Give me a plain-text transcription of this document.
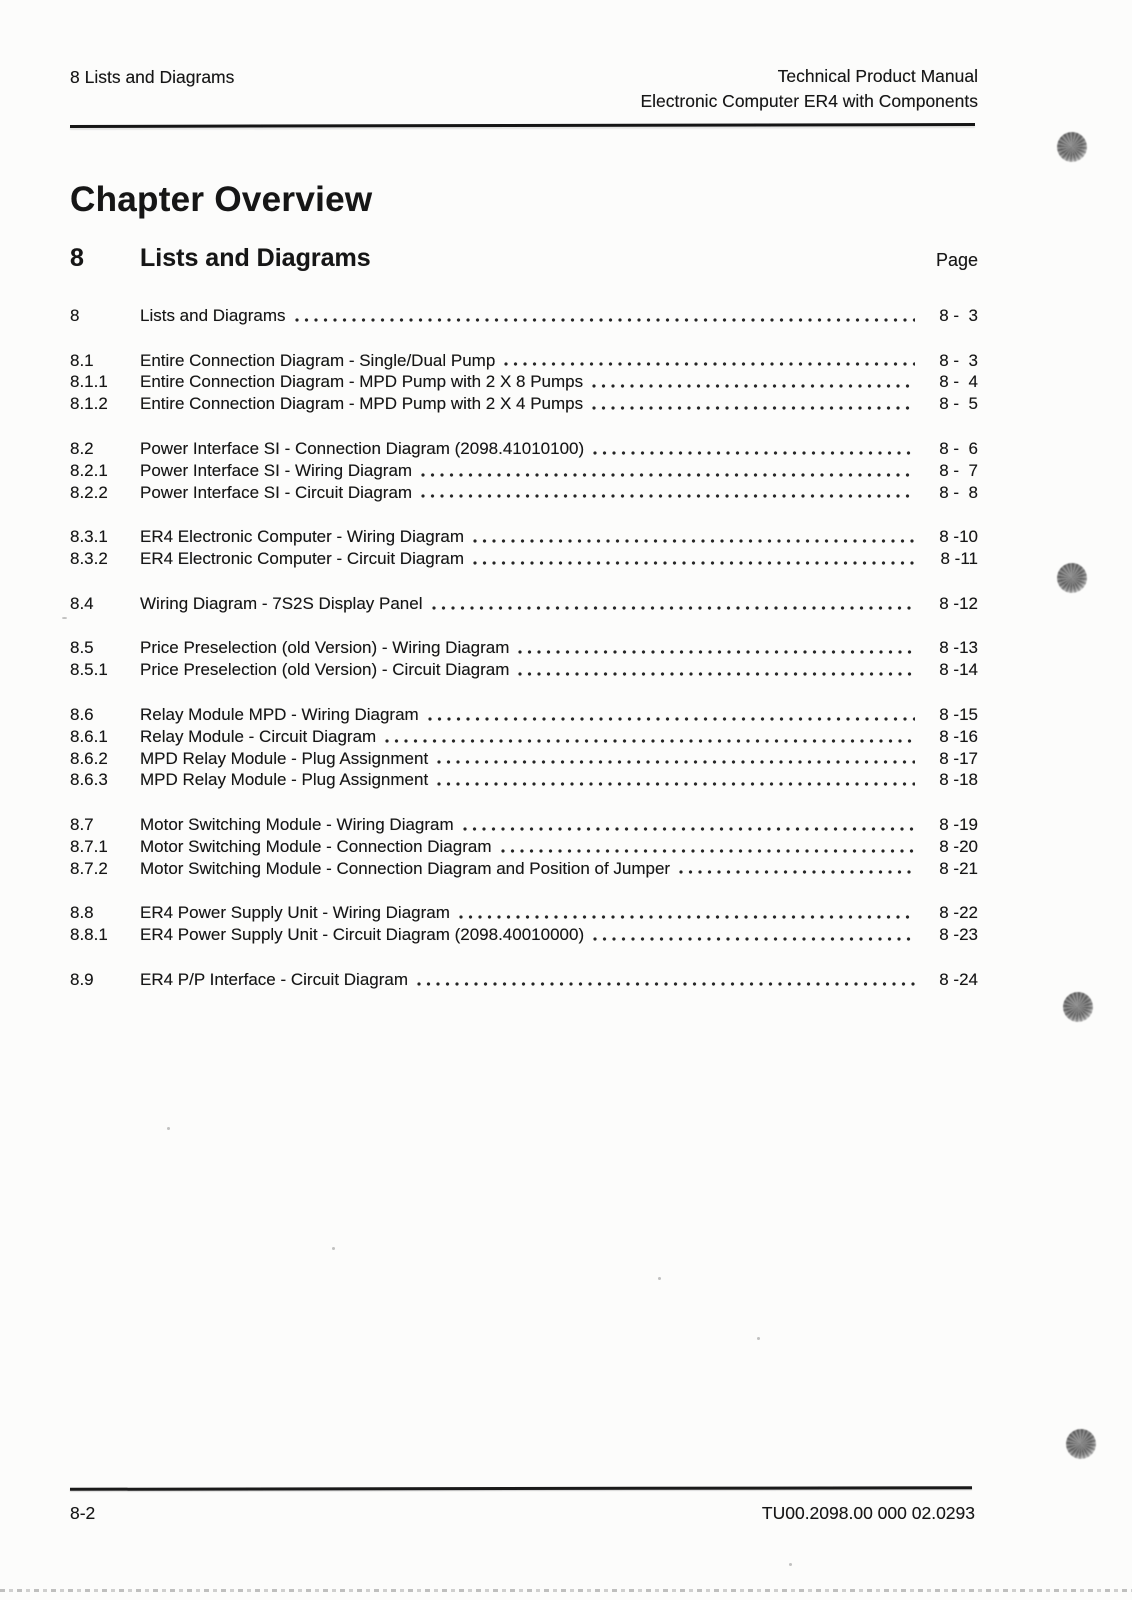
8 Lists and Diagrams	Technical Product Manual
Electronic Computer ER4 with Components
Chapter Overview
8	Lists and Diagrams	Page
8	Lists and Diagrams	8 -  3
8.1	Entire Connection Diagram - Single/Dual Pump	8 -  3
8.1.1	Entire Connection Diagram - MPD Pump with 2 X 8 Pumps	8 -  4
8.1.2	Entire Connection Diagram - MPD Pump with 2 X 4 Pumps	8 -  5
8.2	Power Interface SI - Connection Diagram (2098.41010100)	8 -  6
8.2.1	Power Interface SI - Wiring Diagram	8 -  7
8.2.2	Power Interface SI - Circuit Diagram	8 -  8
8.3.1	ER4 Electronic Computer - Wiring Diagram	8 -10
8.3.2	ER4 Electronic Computer - Circuit Diagram	8 -11
8.4	Wiring Diagram - 7S2S Display Panel	8 -12
8.5	Price Preselection (old Version) - Wiring Diagram	8 -13
8.5.1	Price Preselection (old Version) - Circuit Diagram	8 -14
8.6	Relay Module MPD - Wiring Diagram	8 -15
8.6.1	Relay Module - Circuit Diagram	8 -16
8.6.2	MPD Relay Module - Plug Assignment	8 -17
8.6.3	MPD Relay Module - Plug Assignment	8 -18
8.7	Motor Switching Module - Wiring Diagram	8 -19
8.7.1	Motor Switching Module - Connection Diagram	8 -20
8.7.2	Motor Switching Module - Connection Diagram and Position of Jumper	8 -21
8.8	ER4 Power Supply Unit - Wiring Diagram	8 -22
8.8.1	ER4 Power Supply Unit - Circuit Diagram (2098.40010000)	8 -23
8.9	ER4 P/P Interface - Circuit Diagram	8 -24
8-2	TU00.2098.00 000 02.0293
